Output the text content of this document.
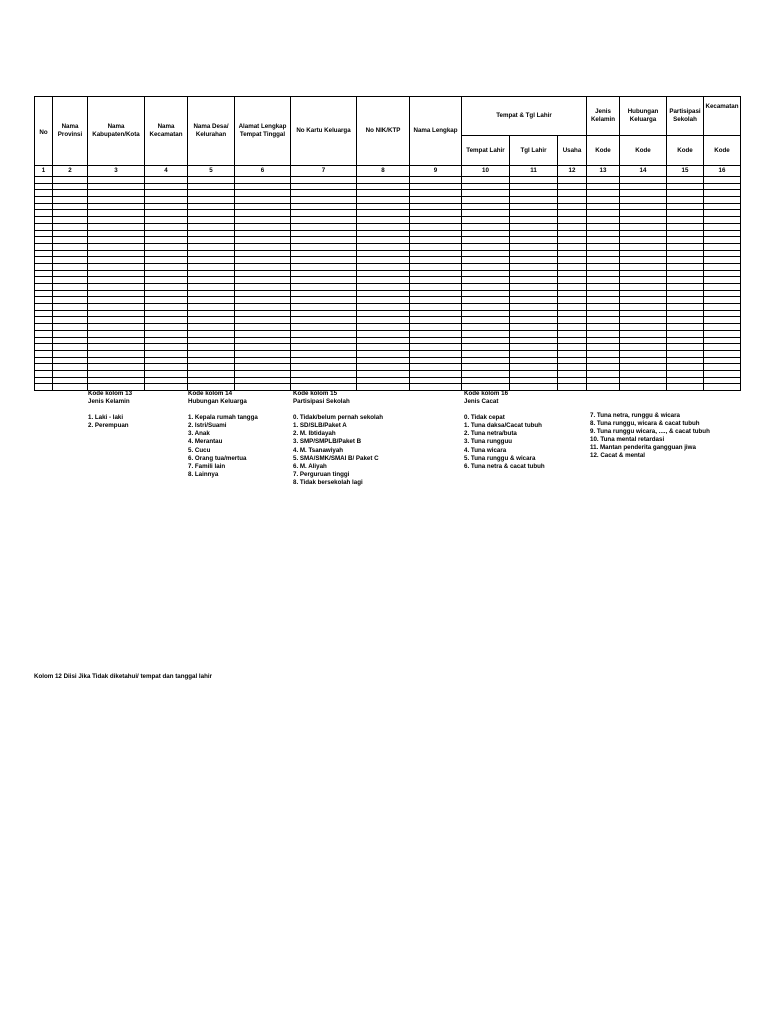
No	Nama Provinsi	Nama Kabupaten/Kota	Nama Kecamatan	Nama Desa/ Kelurahan	Alamat Lengkap Tempat Tinggal	No Kartu Keluarga	No NIK/KTP	Nama Lengkap	Tempat & Tgl Lahir			Jenis Kelamin	Hubungan Keluarga	Partisipasi Sekolah	Kecamatan
									Tempat Lahir	Tgl Lahir	Usaha	Kode	Kode	Kode	Kode
1	2	3	4	5	6	7	8	9	10	11	12	13	14	15	16

Kode kolom 13
Jenis Kelamin
1. Laki - laki
2. Perempuan
Kode kolom 14
Hubungan Keluarga
1. Kepala rumah tangga
2. Istri/Suami
3. Anak
4. Merantau
5. Cucu
6. Orang tua/mertua
7. Famili lain
8. Lainnya
Kode kolom 15
Partisipasi Sekolah
0. Tidak/belum pernah sekolah
1. SD/SLB/Paket A
2. M. Ibtidayah
3. SMP/SMPLB/Paket B
4. M. Tsanawiyah
5. SMA/SMK/SMAI B/ Paket C
6. M. Aliyah
7. Perguruan tinggi
8. Tidak bersekolah lagi
Kode kolom 16
Jenis Cacat
0. Tidak cepat
1. Tuna daksa/Cacat tubuh
2. Tuna netra/buta
3. Tuna rungguu
4. Tuna wicara
5. Tuna runggu & wicara
6. Tuna netra & cacat tubuh
7. Tuna netra, runggu & wicara
8. Tuna runggu, wicara & cacat tubuh
9. Tuna runggu wicara, ...., & cacat tubuh
10. Tuna mental retardasi
11. Mantan penderita gangguan jiwa
12. Cacat & mental
Kolom 12 Diisi Jika Tidak diketahui/ tempat dan tanggal lahir
